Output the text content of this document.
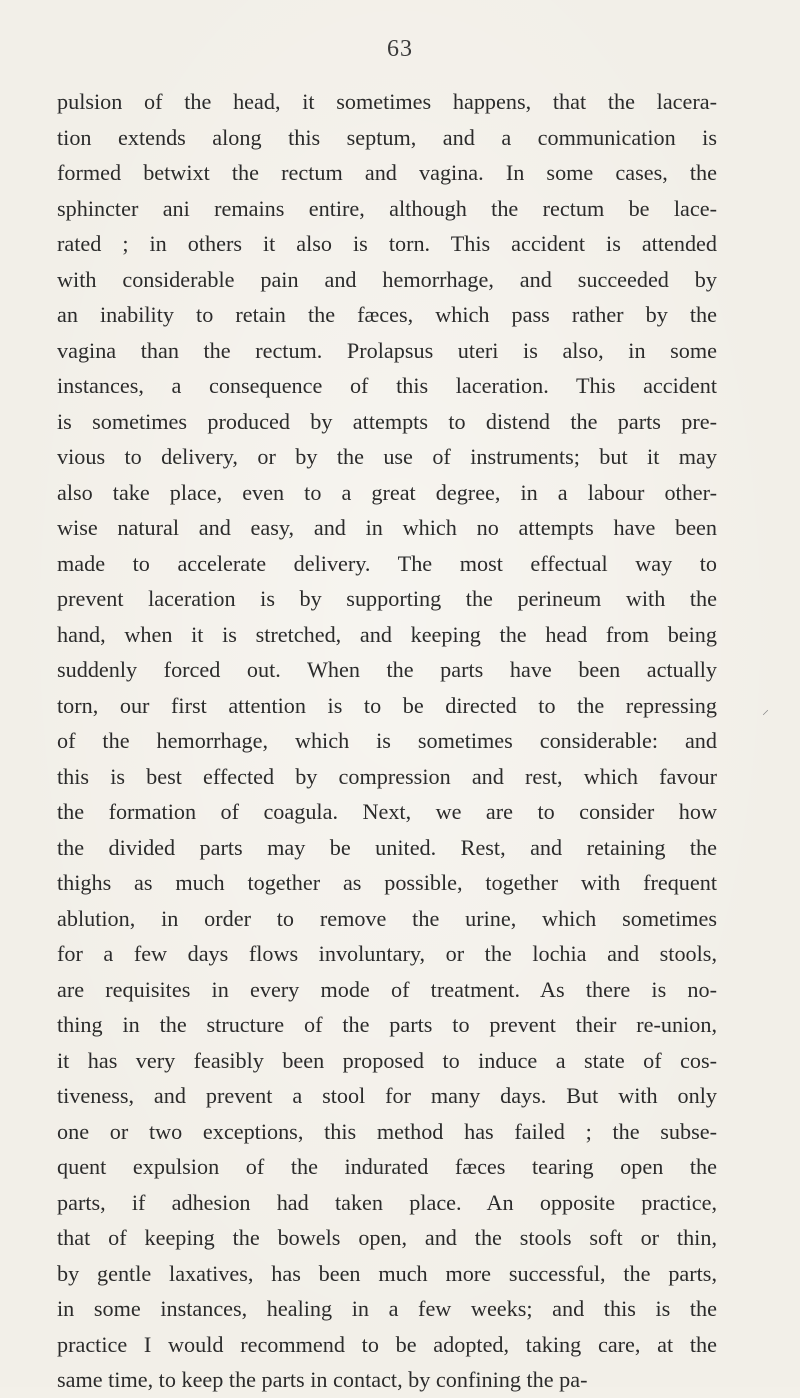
63
pulsion of the head, it sometimes happens, that the lacera-
tion extends along this septum, and a communication is
formed betwixt the rectum and vagina. In some cases, the
sphincter ani remains entire, although the rectum be lace-
rated ; in others it also is torn. This accident is attended
with considerable pain and hemorrhage, and succeeded by
an inability to retain the fæces, which pass rather by the
vagina than the rectum. Prolapsus uteri is also, in some
instances, a consequence of this laceration. This accident
is sometimes produced by attempts to distend the parts pre-
vious to delivery, or by the use of instruments; but it may
also take place, even to a great degree, in a labour other-
wise natural and easy, and in which no attempts have been
made to accelerate delivery. The most effectual way to
prevent laceration is by supporting the perineum with the
hand, when it is stretched, and keeping the head from being
suddenly forced out. When the parts have been actually
torn, our first attention is to be directed to the repressing
of the hemorrhage, which is sometimes considerable: and
this is best effected by compression and rest, which favour
the formation of coagula. Next, we are to consider how
the divided parts may be united. Rest, and retaining the
thighs as much together as possible, together with frequent
ablution, in order to remove the urine, which sometimes
for a few days flows involuntary, or the lochia and stools,
are requisites in every mode of treatment. As there is no-
thing in the structure of the parts to prevent their re-union,
it has very feasibly been proposed to induce a state of cos-
tiveness, and prevent a stool for many days. But with only
one or two exceptions, this method has failed ; the subse-
quent expulsion of the indurated fæces tearing open the
parts, if adhesion had taken place. An opposite practice,
that of keeping the bowels open, and the stools soft or thin,
by gentle laxatives, has been much more successful, the parts,
in some instances, healing in a few weeks; and this is the
practice I would recommend to be adopted, taking care, at the
same time, to keep the parts in contact, by confining the pa-
⸝
